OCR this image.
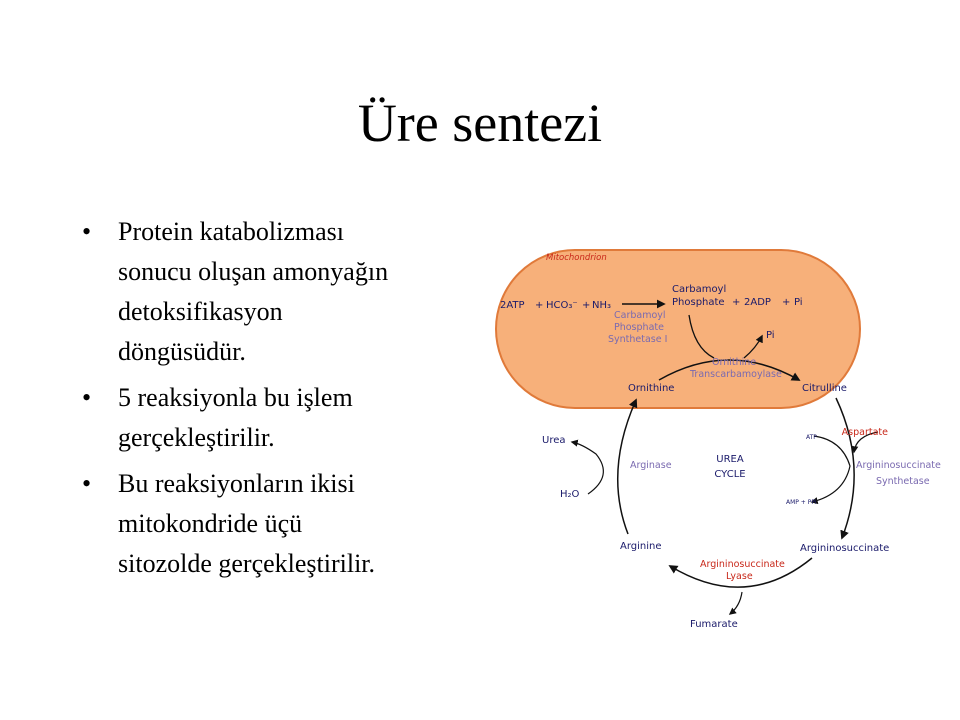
Üre sentezi
• Protein katabolizması
sonucu oluşan amonyağın
detoksifikasyon
döngüsüdür.
• 5 reaksiyonla bu işlem
gerçekleştirilir.
• Bu reaksiyonların ikisi
mitokondride üçü
sitozolde gerçekleştirilir.
Mitochondrion
2ATP + HCO₃⁻ + NH₃
Carbamoyl
Phosphate + 2ADP + Pi
Carbamoyl
Phosphate
Synthetase I	Pi
Ornithine
Transcarbamoylase
Ornithine	Citrulline
Aspartate
ATP
AMP + PPi
Argininosuccinate
Synthetase
Argininosuccinate
Argininosuccinate
Lyase
Fumarate
Arginine
Arginase
Urea
H₂O
UREA
CYCLE
